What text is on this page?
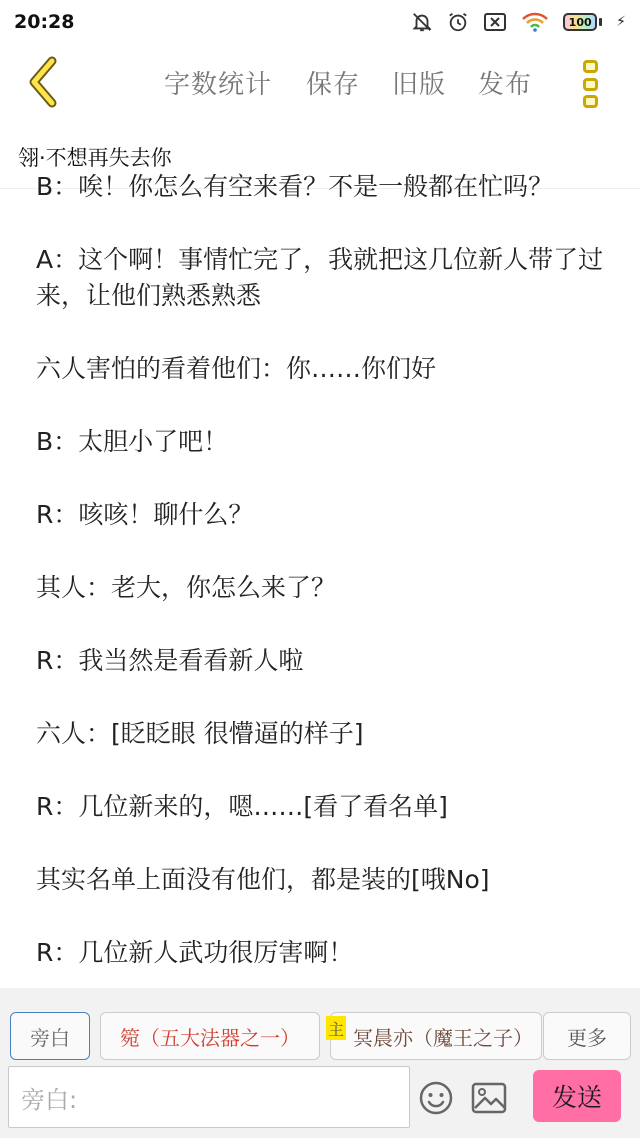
20:28	100	⚡
字数统计 保存 旧版 发布
翎·不想再失去你
B：唉！你怎么有空来看？不是一般都在忙吗？
A：这个啊！事情忙完了，我就把这几位新人带了过来，让他们熟悉熟悉
六人害怕的看着他们：你……你们好
B：太胆小了吧！
R：咳咳！聊什么？
其人：老大，你怎么来了？
R：我当然是看看新人啦
六人：[眨眨眼 很懵逼的样子]
R：几位新来的，嗯……[看了看名单]
其实名单上面没有他们，都是装的[哦No]
R：几位新人武功很厉害啊！
旁白	箢（五大法器之一）	冥晨亦（魔王之子）
主	更多
旁白:	发送
